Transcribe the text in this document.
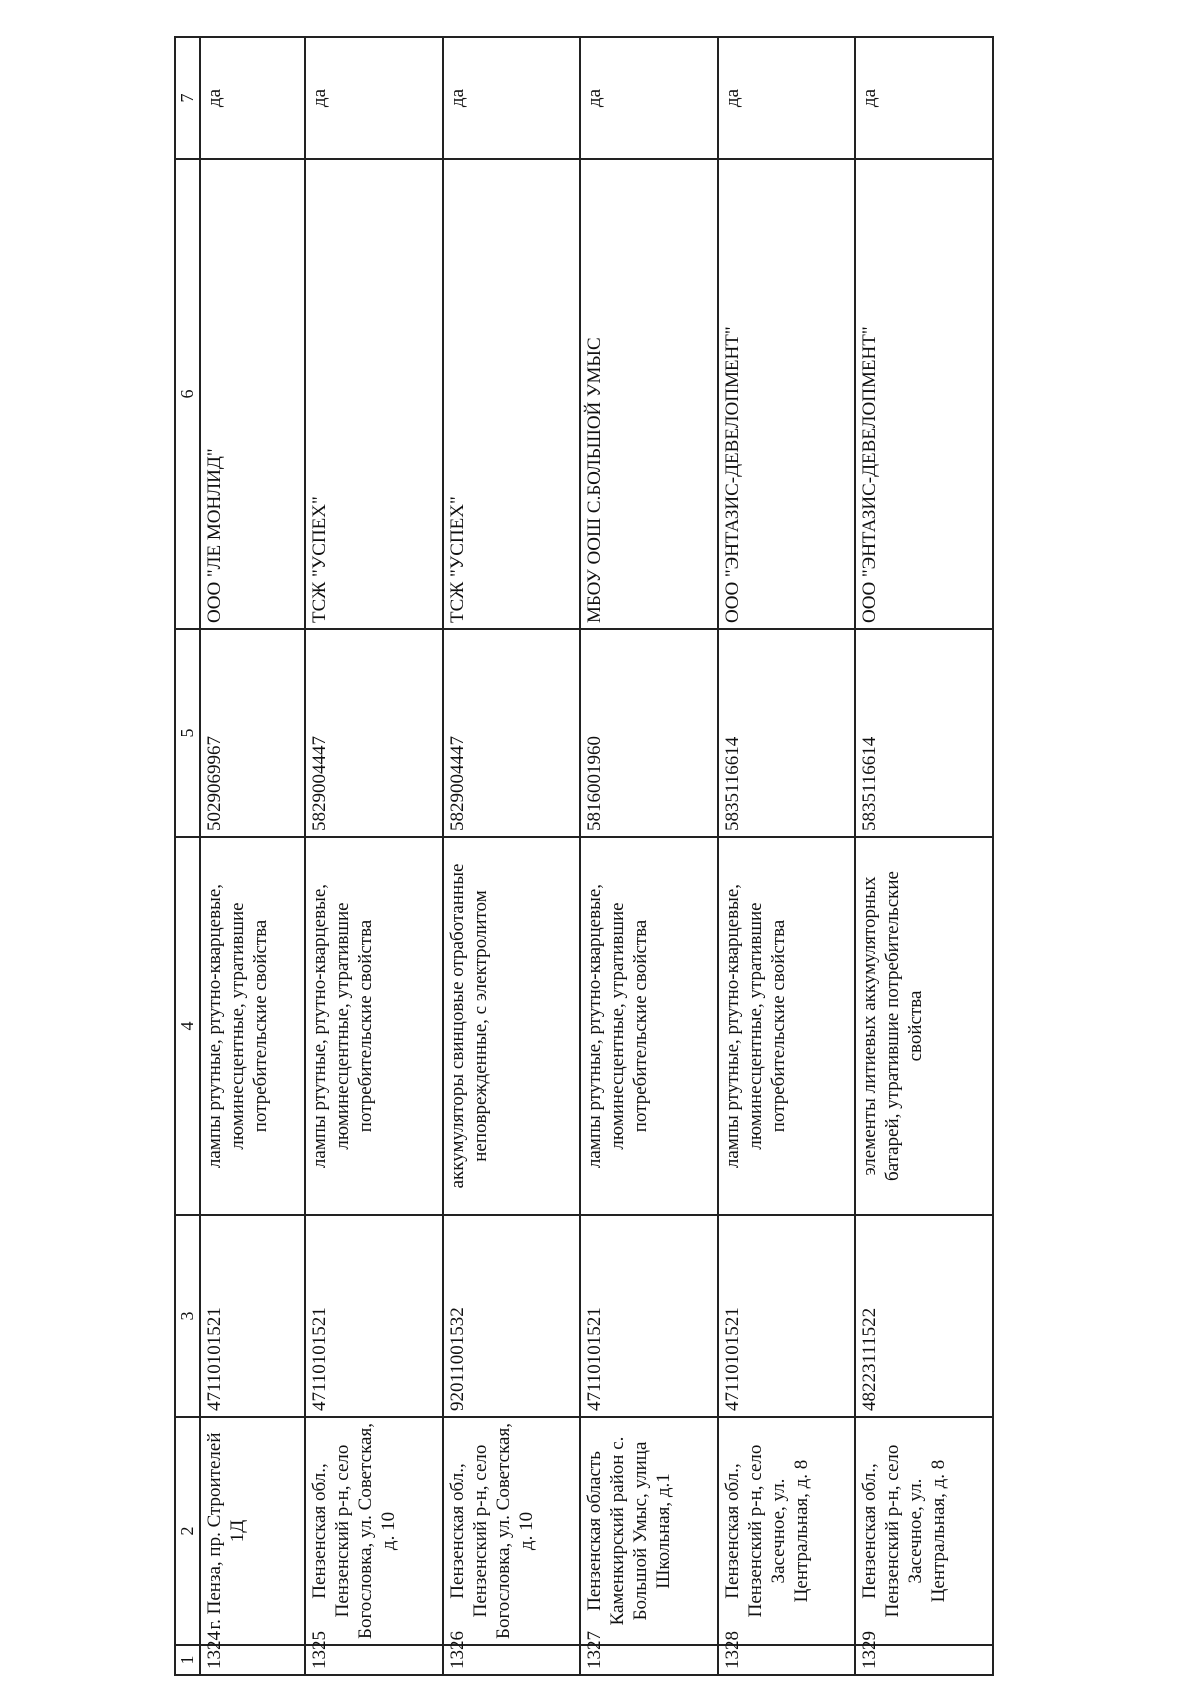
1	2	3	4	5	6	7
1324	г. Пенза, пр. Строителей 1Д	47110101521	лампы ртутные, ртутно-кварцевые, люминесцентные, утратившие потребительские свойства	5029069967	ООО "ЛЕ МОНЛИД"	да
1325	Пензенская обл., Пензенский р-н, село Богословка, ул. Советская, д. 10	47110101521	лампы ртутные, ртутно-кварцевые, люминесцентные, утратившие потребительские свойства	5829004447	ТСЖ "УСПЕХ"	да
1326	Пензенская обл., Пензенский р-н, село Богословка, ул. Советская, д. 10	92011001532	аккумуляторы свинцовые отработанные неповрежденные, с электролитом	5829004447	ТСЖ "УСПЕХ"	да
1327	Пензенская область Каменкирский район с. Большой Умыс, улица Школьная, д.1	47110101521	лампы ртутные, ртутно-кварцевые, люминесцентные, утратившие потребительские свойства	5816001960	МБОУ ООШ С.БОЛЬШОЙ УМЫС	да
1328	Пензенская обл., Пензенский р-н, село Засечное, ул. Центральная, д. 8	47110101521	лампы ртутные, ртутно-кварцевые, люминесцентные, утратившие потребительские свойства	5835116614	ООО "ЭНТАЗИС-ДЕВЕЛОПМЕНТ"	да
1329	Пензенская обл., Пензенский р-н, село Засечное, ул. Центральная, д. 8	48223111522	элементы литиевых аккумуляторных батарей, утратившие потребительские свойства	5835116614	ООО "ЭНТАЗИС-ДЕВЕЛОПМЕНТ"	да
